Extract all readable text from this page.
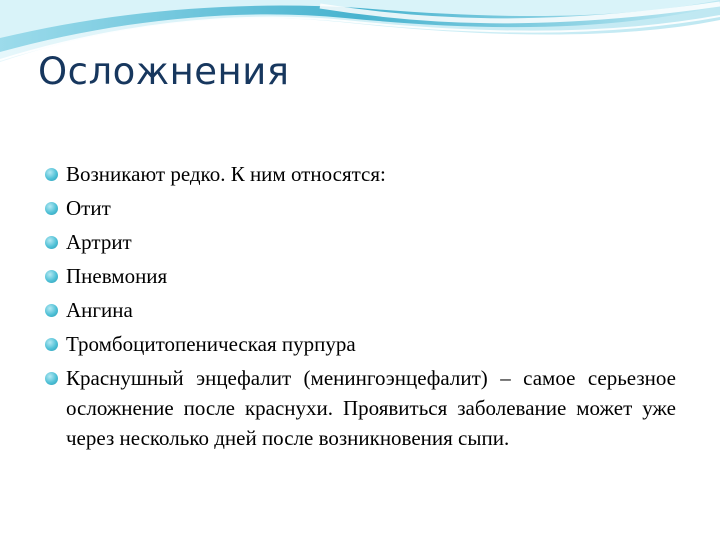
Осложнения
Возникают редко. К ним относятся:
Отит
Артрит
Пневмония
Ангина
Тромбоцитопеническая пурпура
Краснушный энцефалит (менингоэнцефалит) – самое серьезное осложнение после краснухи. Проявиться заболевание может уже через несколько дней после возникновения сыпи.
